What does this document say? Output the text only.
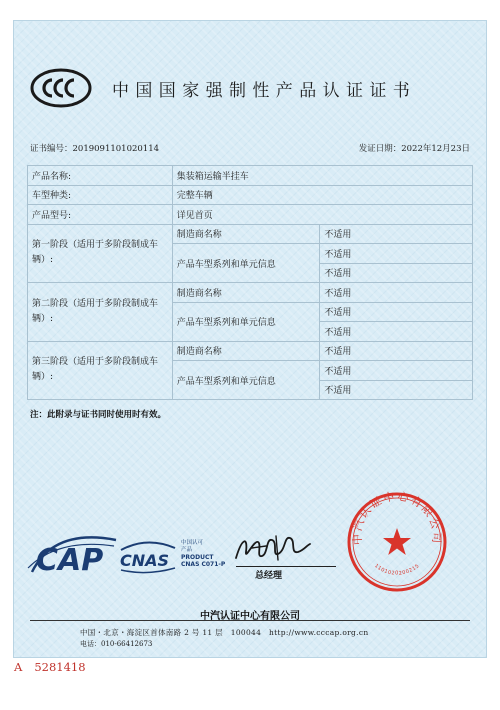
中国国家强制性产品认证证书
证书编号：2019091101020114	发证日期：2022年12月23日
产品名称:	集装箱运输半挂车	
车型种类:	完整车辆	
产品型号:	详见首页	
第一阶段（适用于多阶段制成车辆）:	制造商名称	不适用
	产品车型系列和单元信息	不适用
		不适用
第二阶段（适用于多阶段制成车辆）:	制造商名称	不适用
	产品车型系列和单元信息	不适用
		不适用
第三阶段（适用于多阶段制成车辆）:	制造商名称	不适用
	产品车型系列和单元信息	不适用
		不适用
注：此附录与证书同时使用时有效。
CAP CNAS
中国认可
产品
PRODUCT
CNAS C071-P
总经理
中汽认证中心有限公司
1101020200215
中汽认证中心有限公司
中国・北京・海淀区首体南路 2 号 11 层　100044　http://www.cccap.org.cn
电话：010-66412673
A 5281418
